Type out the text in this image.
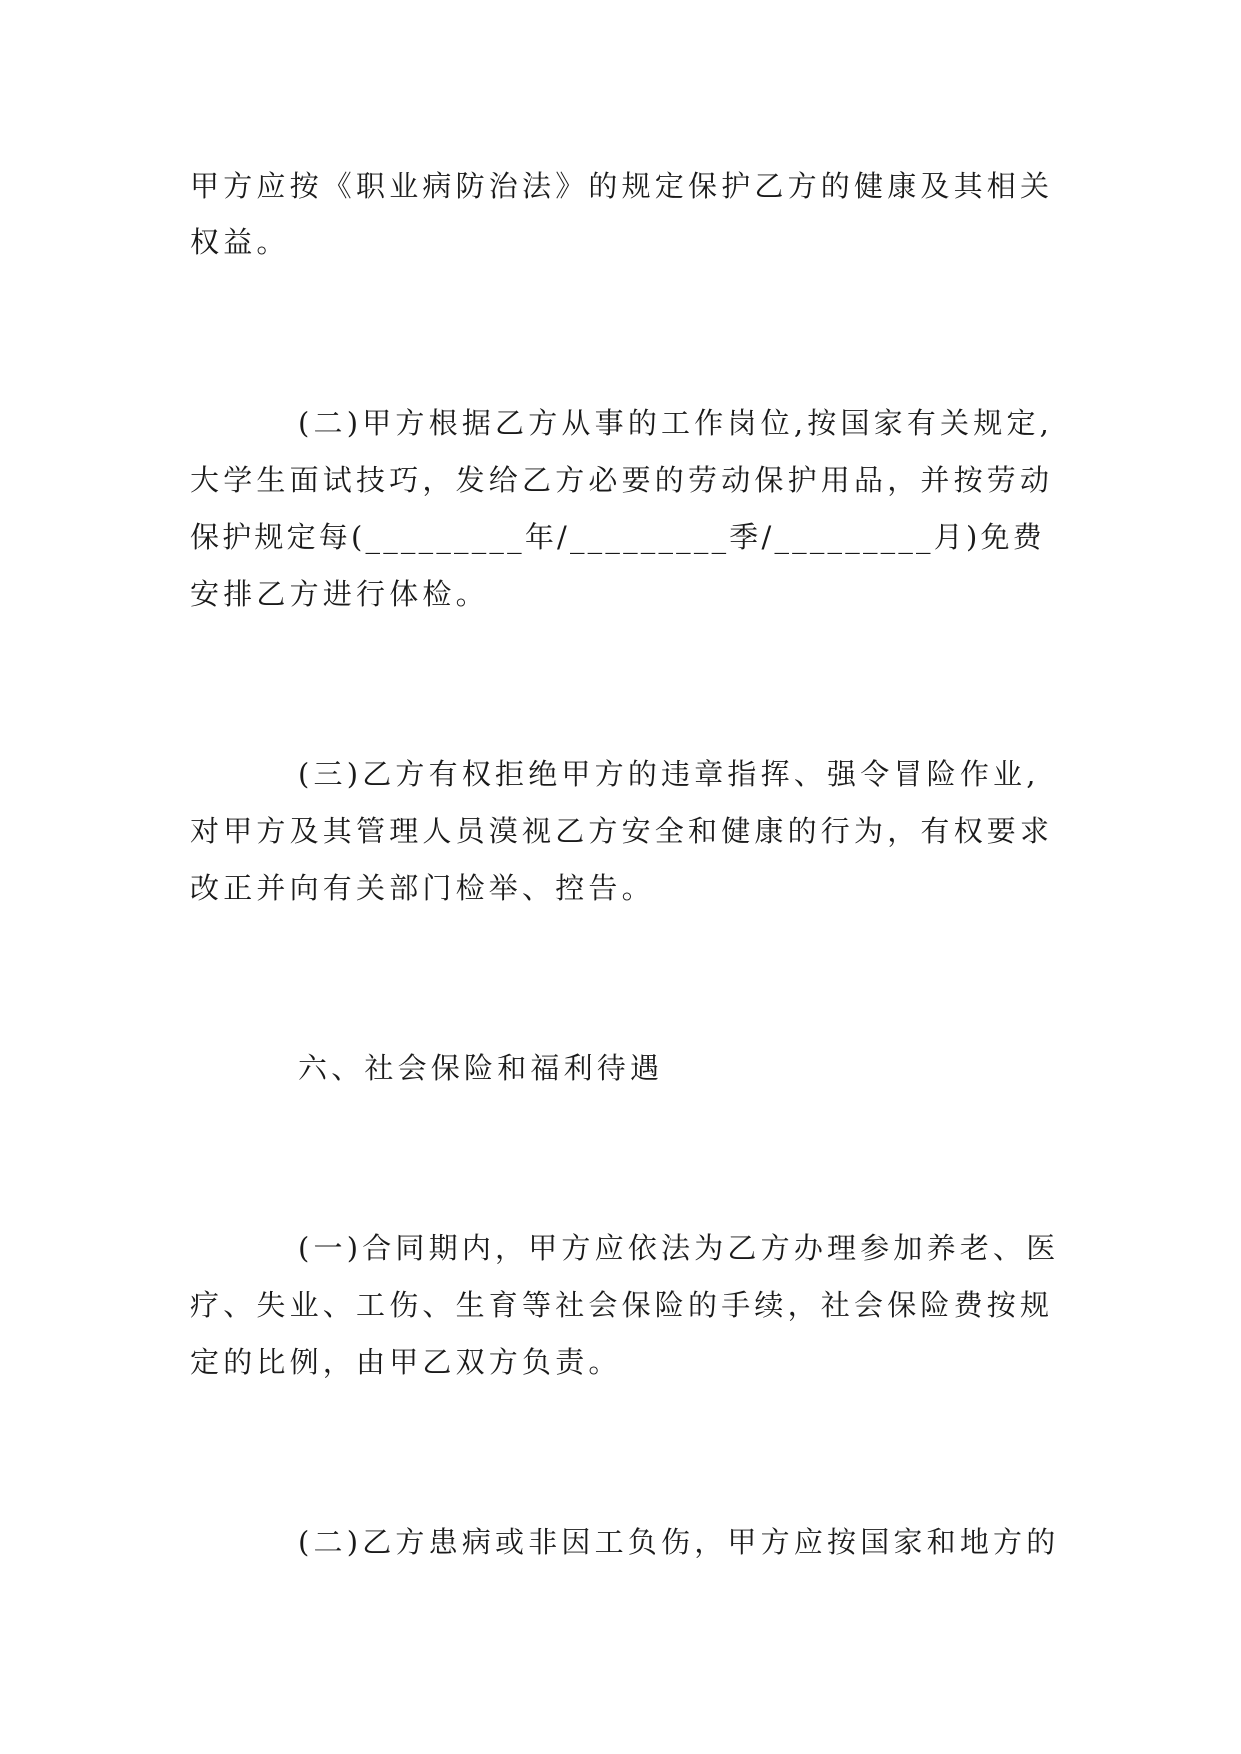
甲方应按《职业病防治法》的规定保护乙方的健康及其相关

权益。

(二)甲方根据乙方从事的工作岗位,按国家有关规定,

大学生面试技巧，发给乙方必要的劳动保护用品，并按劳动

保护规定每(_________年/_________季/_________月)免费

安排乙方进行体检。

(三)乙方有权拒绝甲方的违章指挥、强令冒险作业,

对甲方及其管理人员漠视乙方安全和健康的行为，有权要求

改正并向有关部门检举、控告。

六、社会保险和福利待遇

(一)合同期内，甲方应依法为乙方办理参加养老、医

疗、失业、工伤、生育等社会保险的手续，社会保险费按规

定的比例，由甲乙双方负责。

(二)乙方患病或非因工负伤，甲方应按国家和地方的
